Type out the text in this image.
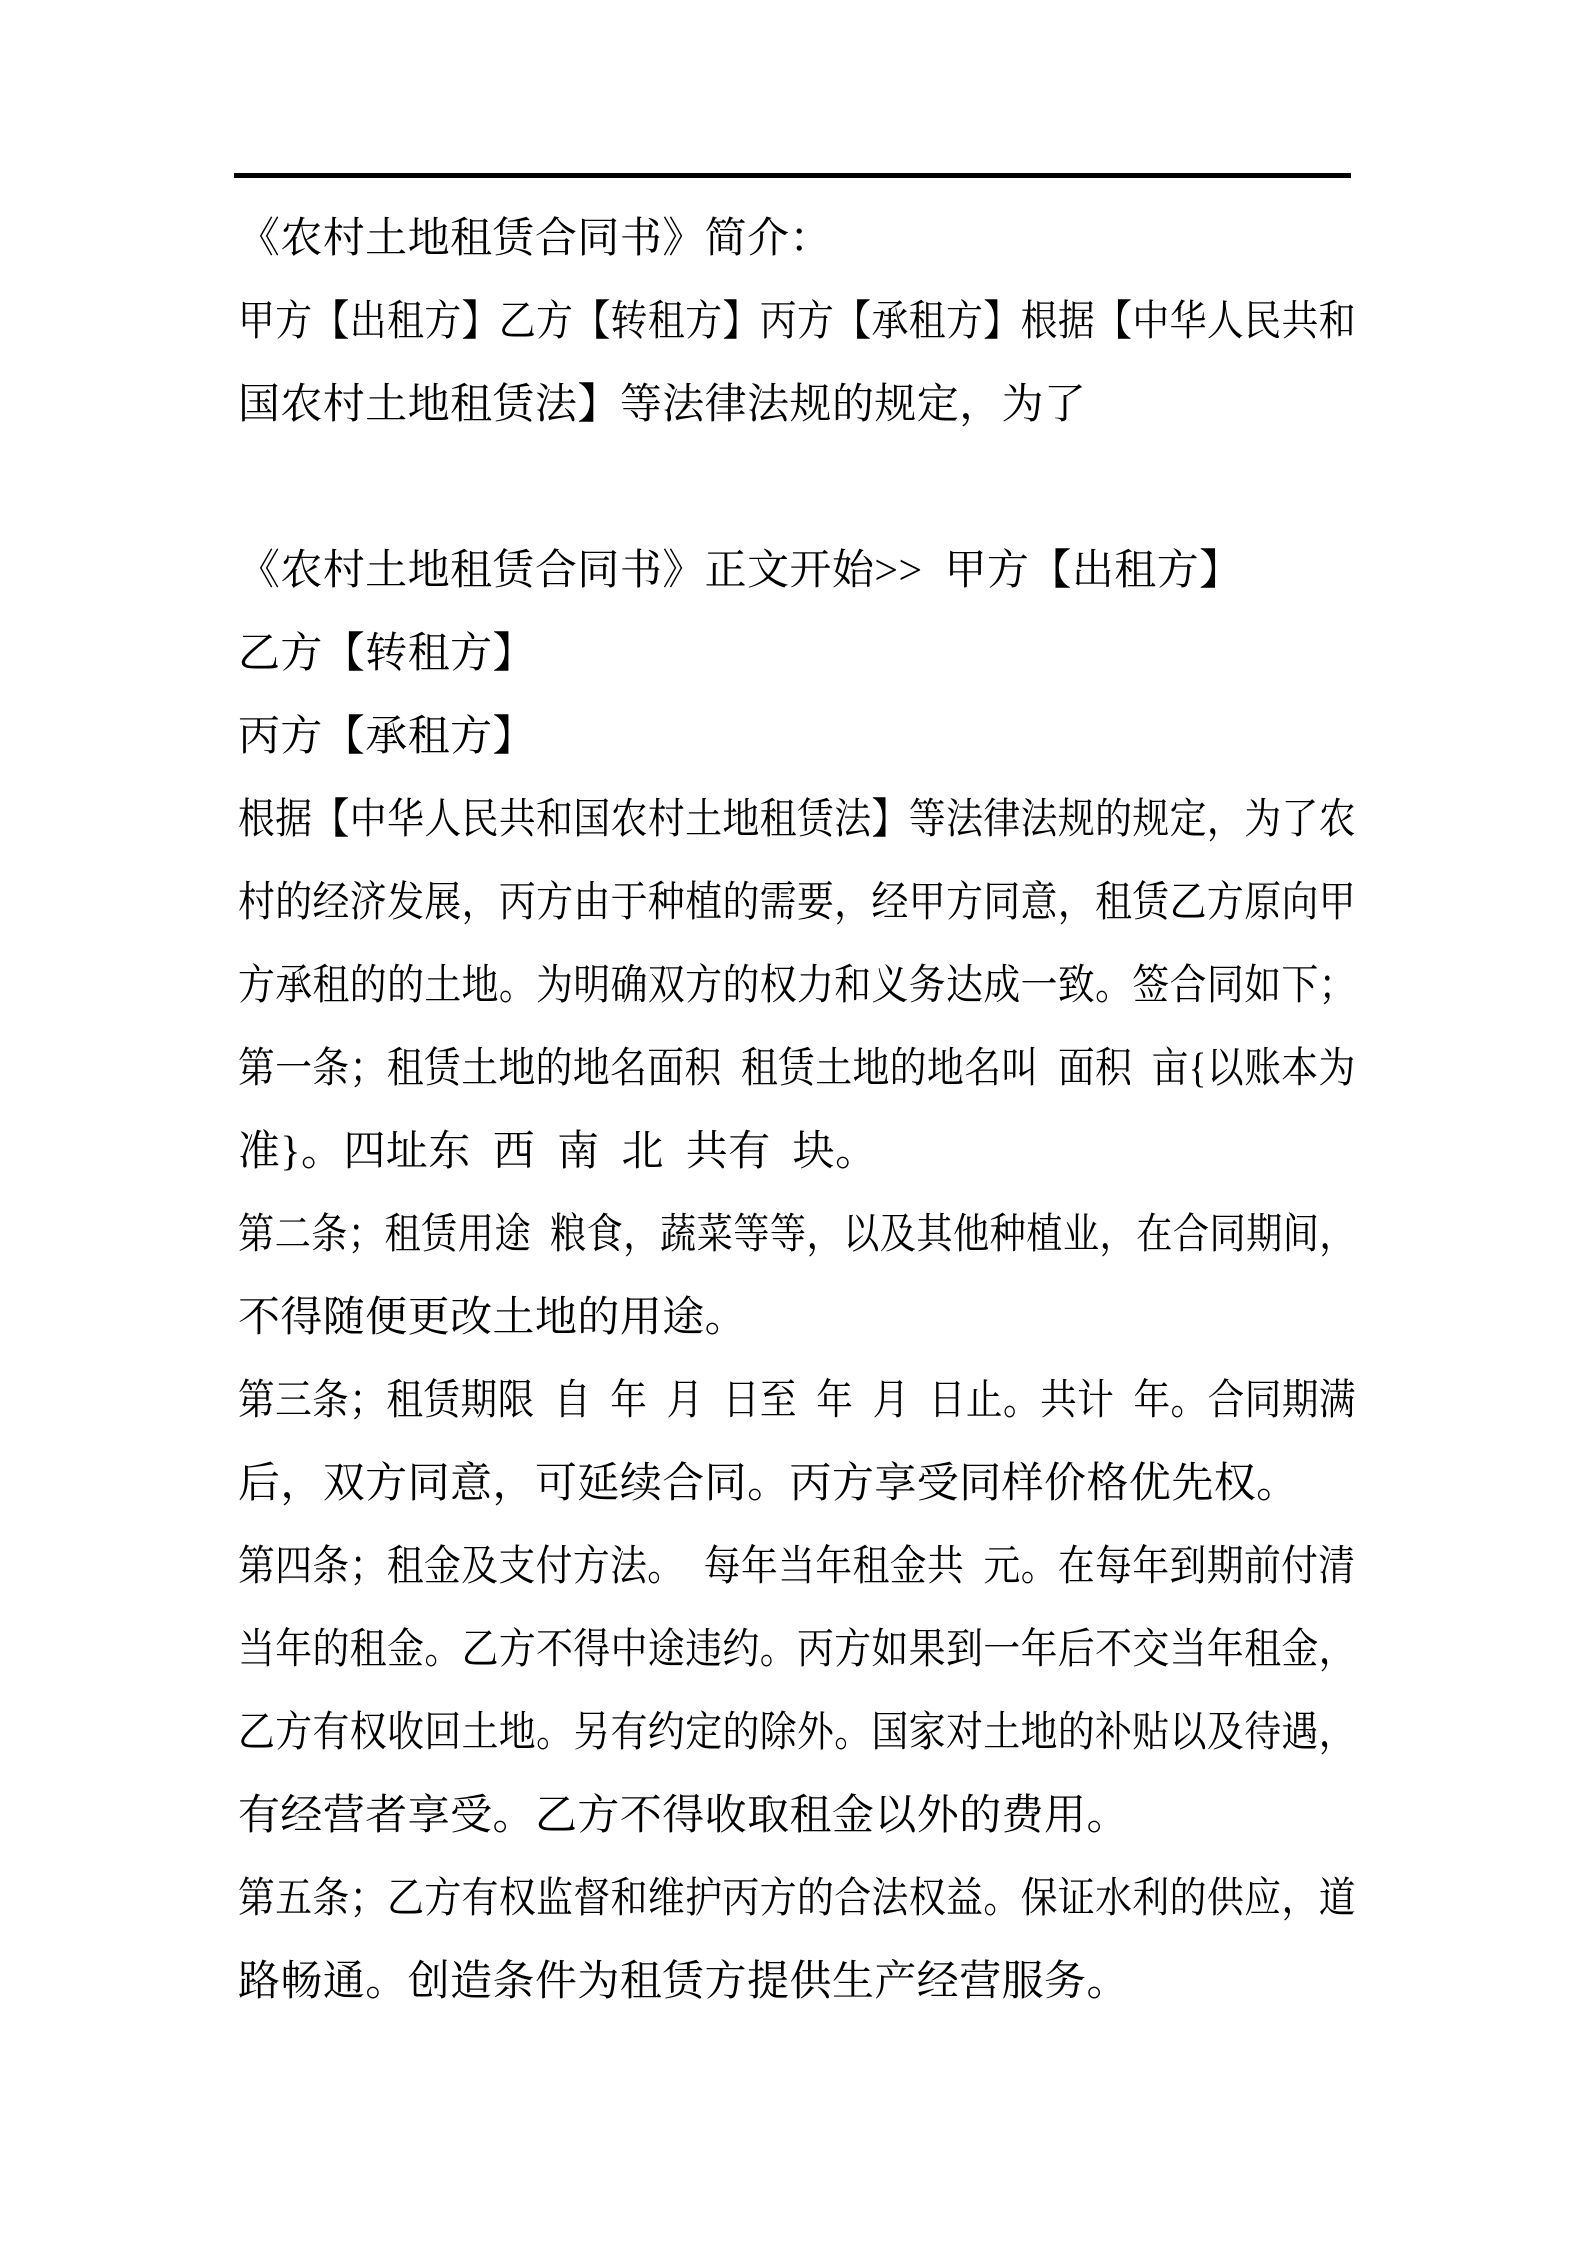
《农村土地租赁合同书》简介：
甲方【出租方】乙方【转租方】丙方【承租方】根据【中华人民共和
国农村土地租赁法】等法律法规的规定，为了
《农村土地租赁合同书》正文开始>>  甲方【出租方】
乙方【转租方】
丙方【承租方】
根据【中华人民共和国农村土地租赁法】等法律法规的规定，为了农
村的经济发展，丙方由于种植的需要，经甲方同意，租赁乙方原向甲
方承租的的土地。为明确双方的权力和义务达成一致。签合同如下；
第一条；租赁土地的地名面积  租赁土地的地名叫  面积  亩{以账本为
准}。四址东  西  南  北  共有  块。
第二条；租赁用途  粮食，蔬菜等等，以及其他种植业，在合同期间，
不得随便更改土地的用途。
第三条；租赁期限  自  年  月  日至  年  月  日止。共计  年。合同期满
后，双方同意，可延续合同。丙方享受同样价格优先权。
第四条；租金及支付方法。  每年当年租金共  元。在每年到期前付清
当年的租金。乙方不得中途违约。丙方如果到一年后不交当年租金，
乙方有权收回土地。另有约定的除外。国家对土地的补贴以及待遇，
有经营者享受。乙方不得收取租金以外的费用。
第五条；乙方有权监督和维护丙方的合法权益。保证水利的供应，道
路畅通。创造条件为租赁方提供生产经营服务。
